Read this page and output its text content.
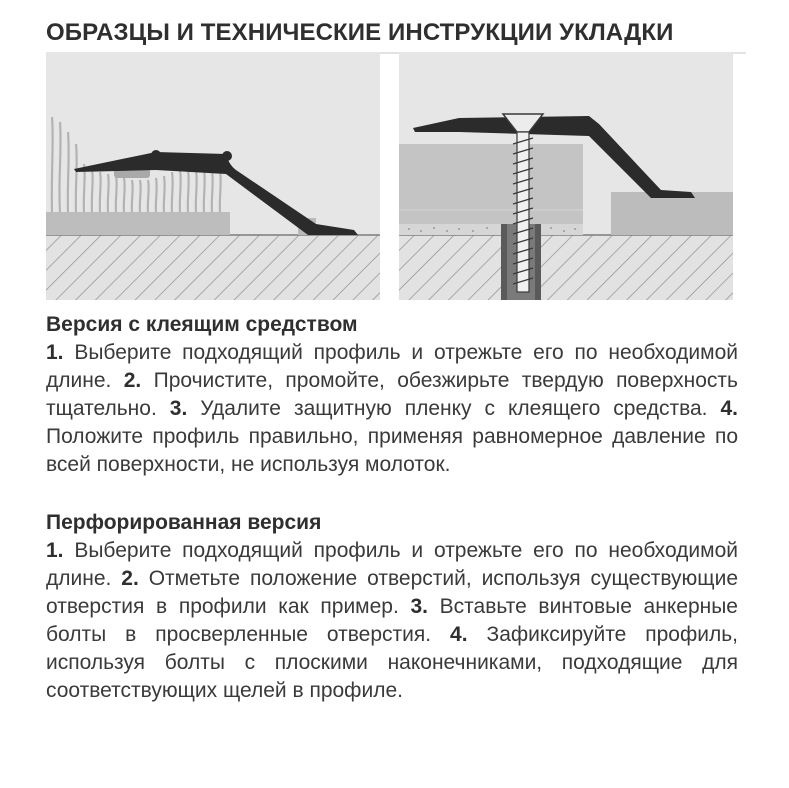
ОБРАЗЦЫ И ТЕХНИЧЕСКИЕ ИНСТРУКЦИИ УКЛАДКИ
Версия с клеящим средством
1. Выберите подходящий профиль и отрежьте его по необходимой длине. 2. Прочистите, промойте, обезжирьте твердую поверхность тщательно. 3. Удалите защитную пленку с клеящего средства. 4. Положите профиль правильно, применяя равномерное давление по всей поверхности, не используя молоток.
Перфорированная версия
1. Выберите подходящий профиль и отрежьте его по необходимой длине. 2. Отметьте положение отверстий, используя существующие отверстия в профили как пример. 3. Вставьте винтовые анкерные болты в просверленные отверстия. 4. Зафиксируйте профиль, используя болты с плоскими наконечниками, подходящие для соответствующих щелей в профиле.
